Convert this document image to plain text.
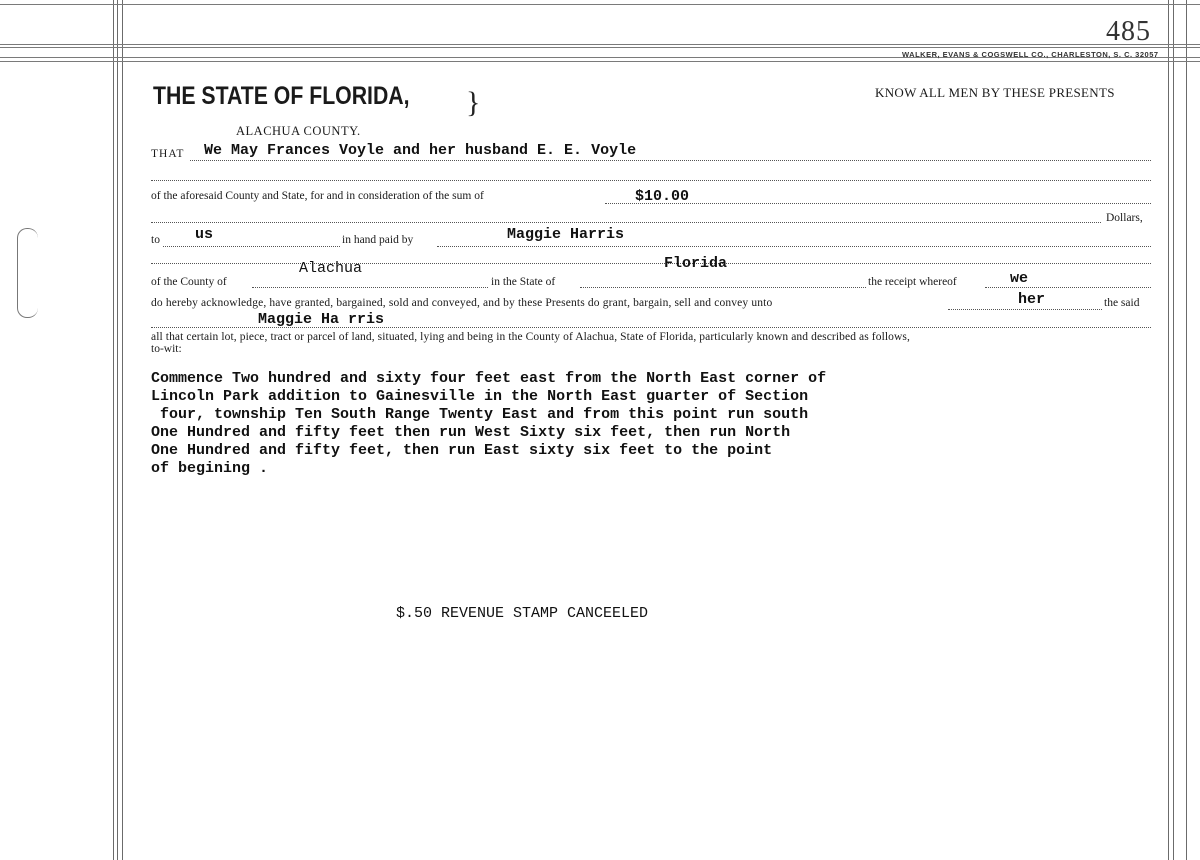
485
WALKER, EVANS & COGSWELL CO., CHARLESTON, S. C. 32057
THE STATE OF FLORIDA, }	KNOW ALL MEN BY THESE PRESENTS
ALACHUA COUNTY.
THAT We May Frances Voyle and her husband E. E. Voyle
of the aforesaid County and State, for and in consideration of the sum of	$10.00
Dollars,
to us	in hand paid by	Maggie Harris
Alachua	Florida
we
of the County of	in the State of	the receipt whereof
her
do hereby acknowledge, have granted, bargained, sold and conveyed, and by these Presents do grant, bargain, sell and convey unto	the said
Maggie Ha rris
all that certain lot, piece, tract or parcel of land, situated, lying and being in the County of Alachua, State of Florida, particularly known and described as follows,
to-wit:
Commence Two hundred and sixty four feet east from the North East corner of
Lincoln Park addition to Gainesville in the North East guarter of Section
four, township Ten South Range Twenty East and from this point run south
One Hundred and fifty feet then run West Sixty six feet, then run North
One Hundred and fifty feet, then run East sixty six feet to the point
of begining .
$.50 REVENUE STAMP CANCEELED
